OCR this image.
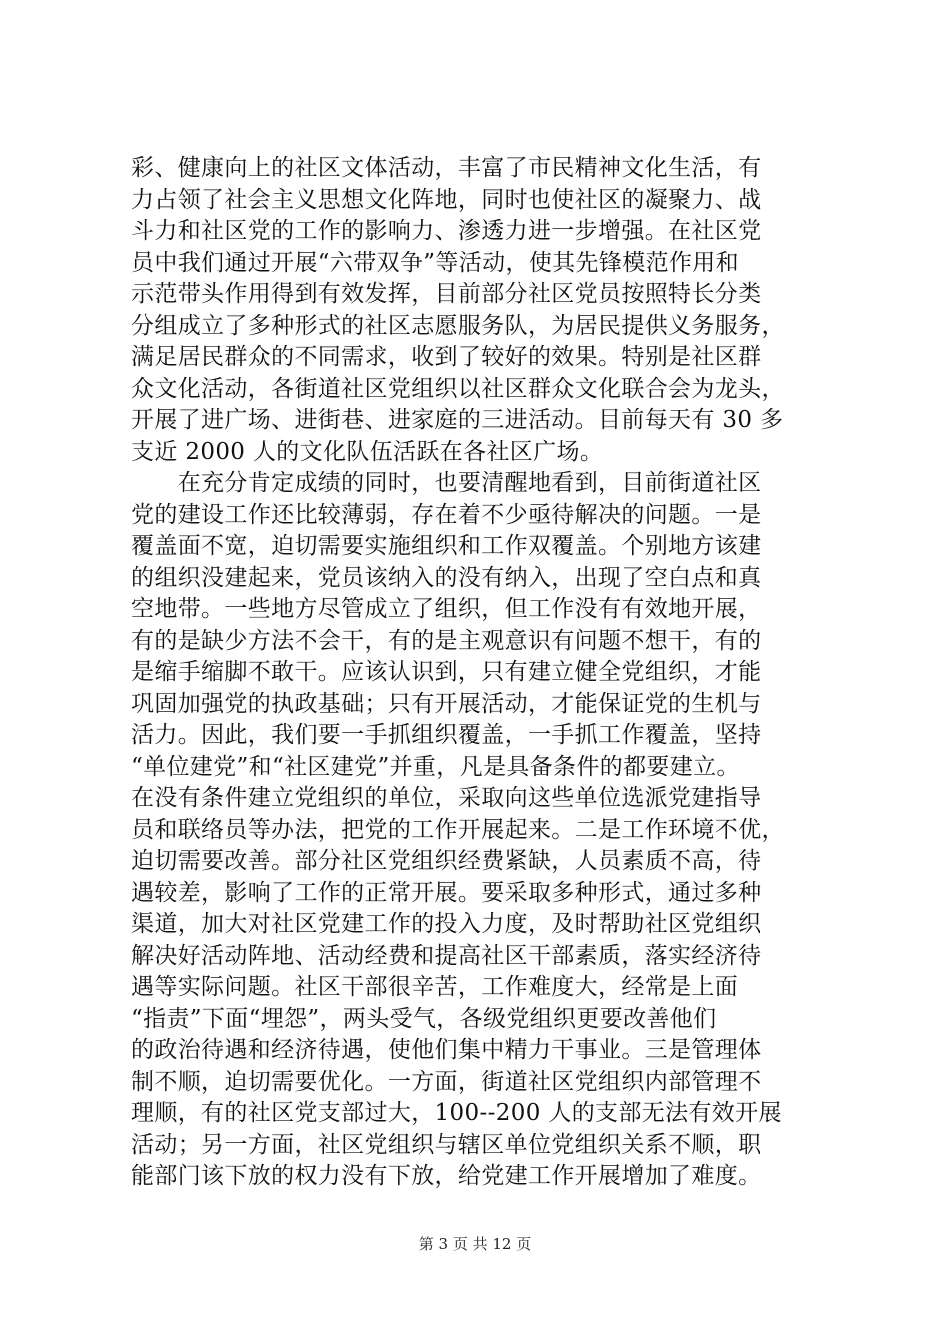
彩、健康向上的社区文体活动，丰富了市民精神文化生活，有
力占领了社会主义思想文化阵地，同时也使社区的凝聚力、战
斗力和社区党的工作的影响力、渗透力进一步增强。在社区党
员中我们通过开展“六带双争”等活动，使其先锋模范作用和
示范带头作用得到有效发挥，目前部分社区党员按照特长分类
分组成立了多种形式的社区志愿服务队，为居民提供义务服务，
满足居民群众的不同需求，收到了较好的效果。特别是社区群
众文化活动，各街道社区党组织以社区群众文化联合会为龙头，
开展了进广场、进街巷、进家庭的三进活动。目前每天有 30 多
支近 2000 人的文化队伍活跃在各社区广场。
　　在充分肯定成绩的同时，也要清醒地看到，目前街道社区
党的建设工作还比较薄弱，存在着不少亟待解决的问题。一是
覆盖面不宽，迫切需要实施组织和工作双覆盖。个别地方该建
的组织没建起来，党员该纳入的没有纳入，出现了空白点和真
空地带。一些地方尽管成立了组织，但工作没有有效地开展，
有的是缺少方法不会干，有的是主观意识有问题不想干，有的
是缩手缩脚不敢干。应该认识到，只有建立健全党组织，才能
巩固加强党的执政基础；只有开展活动，才能保证党的生机与
活力。因此，我们要一手抓组织覆盖，一手抓工作覆盖，坚持
“单位建党”和“社区建党”并重，凡是具备条件的都要建立。
在没有条件建立党组织的单位，采取向这些单位选派党建指导
员和联络员等办法，把党的工作开展起来。二是工作环境不优，
迫切需要改善。部分社区党组织经费紧缺，人员素质不高，待
遇较差，影响了工作的正常开展。要采取多种形式，通过多种
渠道，加大对社区党建工作的投入力度，及时帮助社区党组织
解决好活动阵地、活动经费和提高社区干部素质，落实经济待
遇等实际问题。社区干部很辛苦，工作难度大，经常是上面
“指责”下面“埋怨”，两头受气，各级党组织更要改善他们
的政治待遇和经济待遇，使他们集中精力干事业。三是管理体
制不顺，迫切需要优化。一方面，街道社区党组织内部管理不
理顺，有的社区党支部过大，100--200 人的支部无法有效开展
活动；另一方面，社区党组织与辖区单位党组织关系不顺，职
能部门该下放的权力没有下放，给党建工作开展增加了难度。
第 3 页 共 12 页
